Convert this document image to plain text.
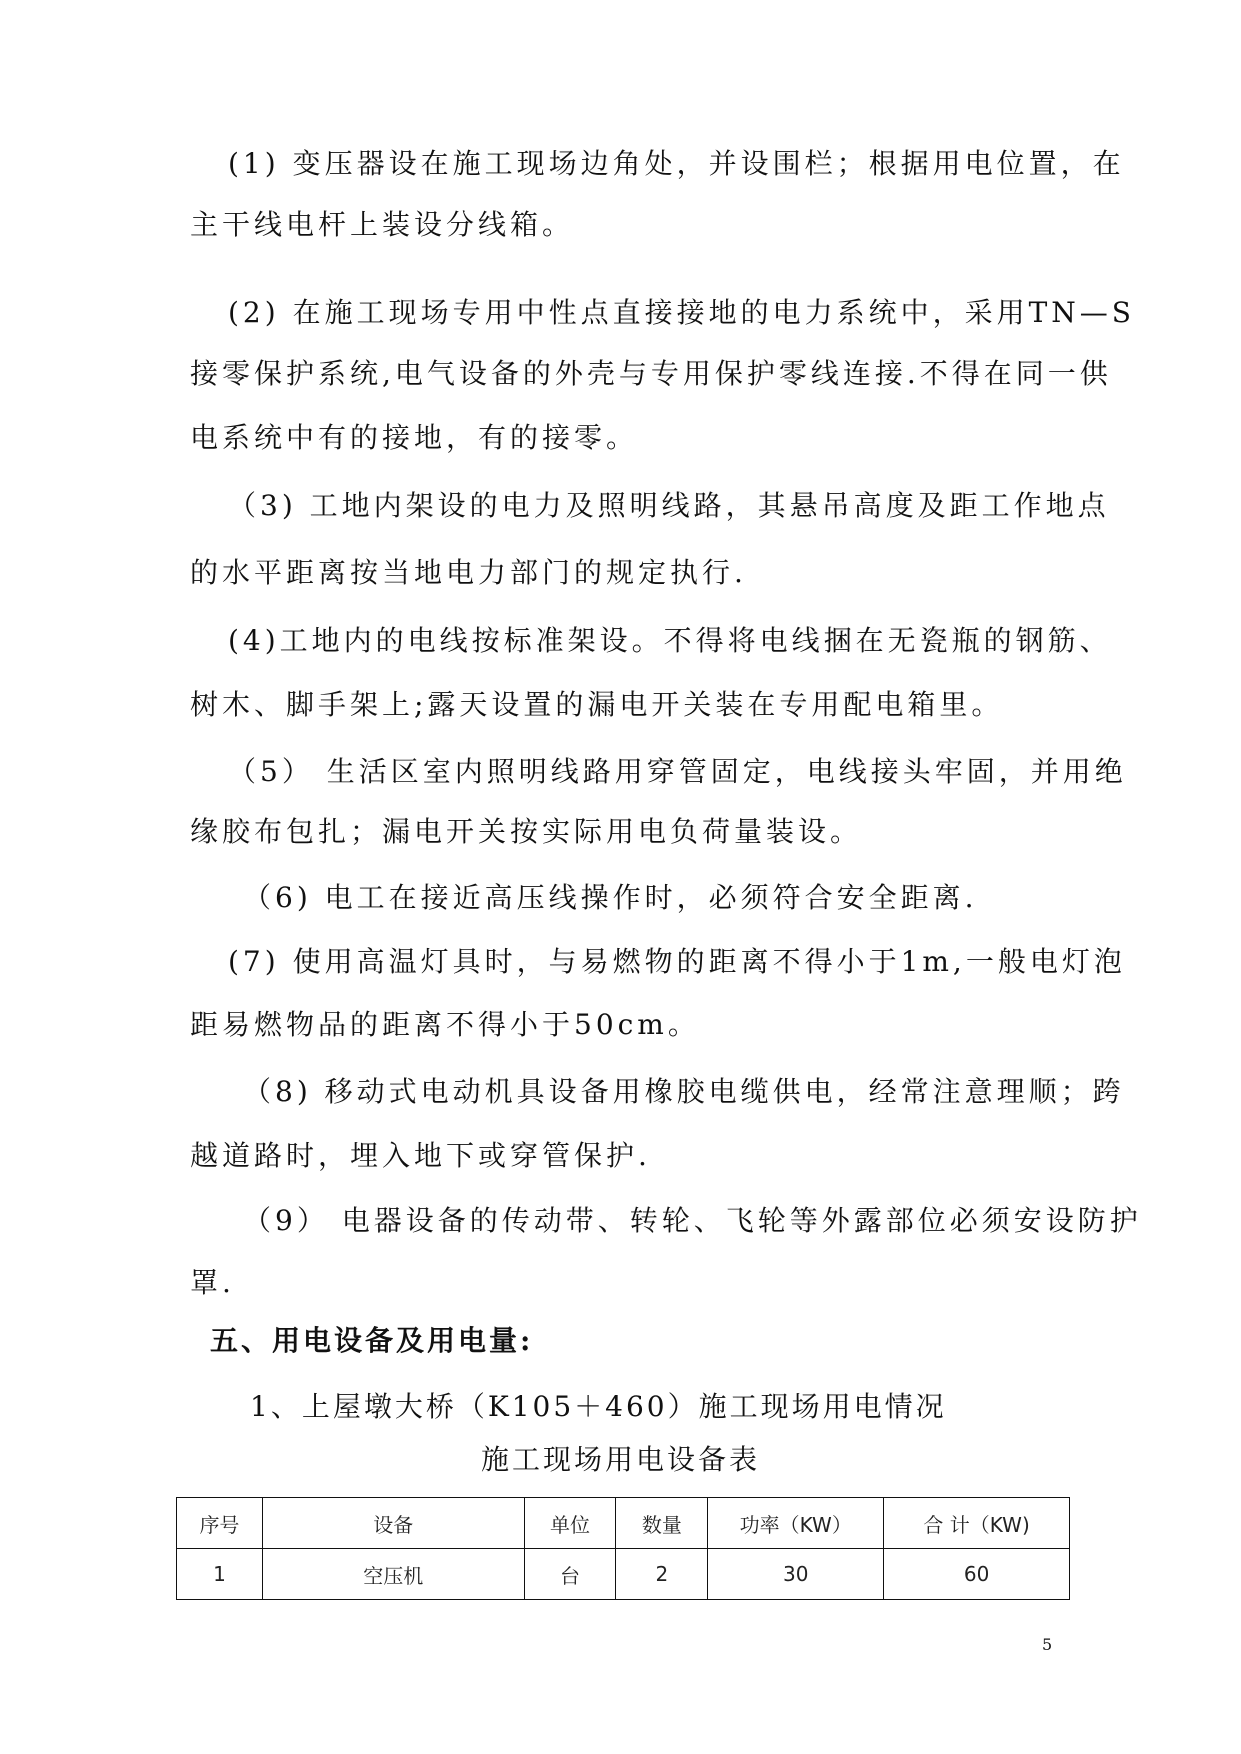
(1) 变压器设在施工现场边角处，并设围栏；根据用电位置，在
主干线电杆上装设分线箱。
(2) 在施工现场专用中性点直接接地的电力系统中，采用TN—S
接零保护系统,电气设备的外壳与专用保护零线连接.不得在同一供
电系统中有的接地，有的接零。
（3) 工地内架设的电力及照明线路，其悬吊高度及距工作地点
的水平距离按当地电力部门的规定执行.
(4)工地内的电线按标准架设。不得将电线捆在无瓷瓶的钢筋、
树木、脚手架上;露天设置的漏电开关装在专用配电箱里。
（5） 生活区室内照明线路用穿管固定，电线接头牢固，并用绝
缘胶布包扎；漏电开关按实际用电负荷量装设。
（6) 电工在接近高压线操作时，必须符合安全距离.
(7) 使用高温灯具时，与易燃物的距离不得小于1m,一般电灯泡
距易燃物品的距离不得小于50cm。
（8) 移动式电动机具设备用橡胶电缆供电，经常注意理顺；跨
越道路时，埋入地下或穿管保护.
（9） 电器设备的传动带、转轮、飞轮等外露部位必须安设防护
罩.
五、用电设备及用电量:
1、上屋墩大桥（K105＋460）施工现场用电情况
施工现场用电设备表
序号	设备	单位	数量	功率（KW）	合 计（KW)
1	空压机	台	2	30	60
5
